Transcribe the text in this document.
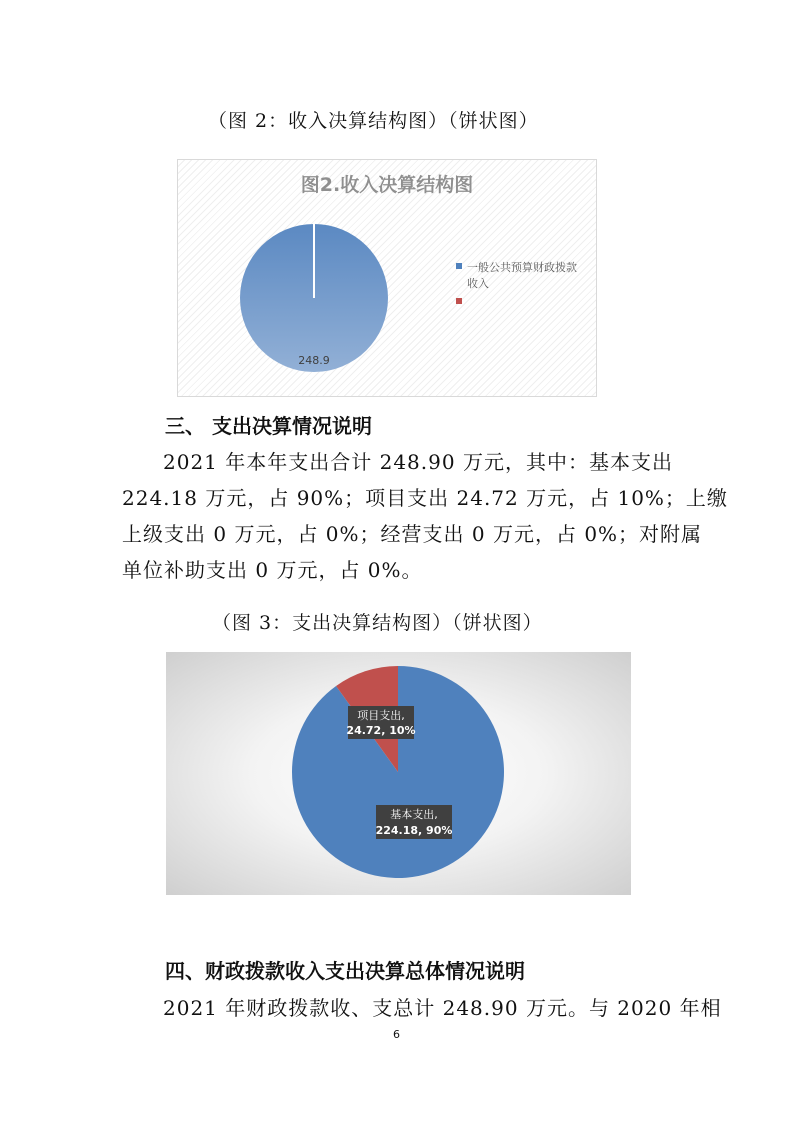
（图 2：收入决算结构图）（饼状图）
图2.收入决算结构图
248.9
一般公共预算财政拨款
收入
三、 支出决算情况说明
2021 年本年支出合计 248.90 万元，其中：基本支出
224.18 万元，占 90%；项目支出 24.72 万元，占 10%；上缴
上级支出 0 万元，占 0%；经营支出 0 万元，占 0%；对附属
单位补助支出 0 万元，占 0%。
（图 3：支出决算结构图）（饼状图）
项目支出,
24.72, 10%
基本支出,
224.18, 90%
四、财政拨款收入支出决算总体情况说明
2021 年财政拨款收、支总计 248.90 万元。与 2020 年相
6
